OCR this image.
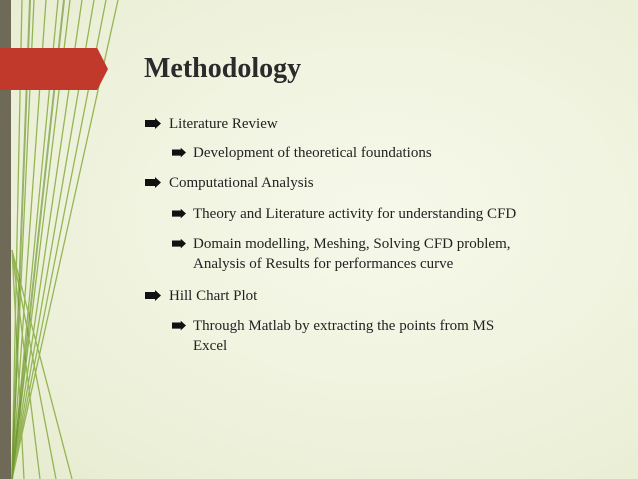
Methodology
Literature Review
Development of theoretical foundations
Computational Analysis
Theory and Literature activity for understanding CFD
Domain modelling, Meshing, Solving CFD problem,
Analysis of Results for performances curve
Hill Chart Plot
Through Matlab by extracting the points from MS
Excel
